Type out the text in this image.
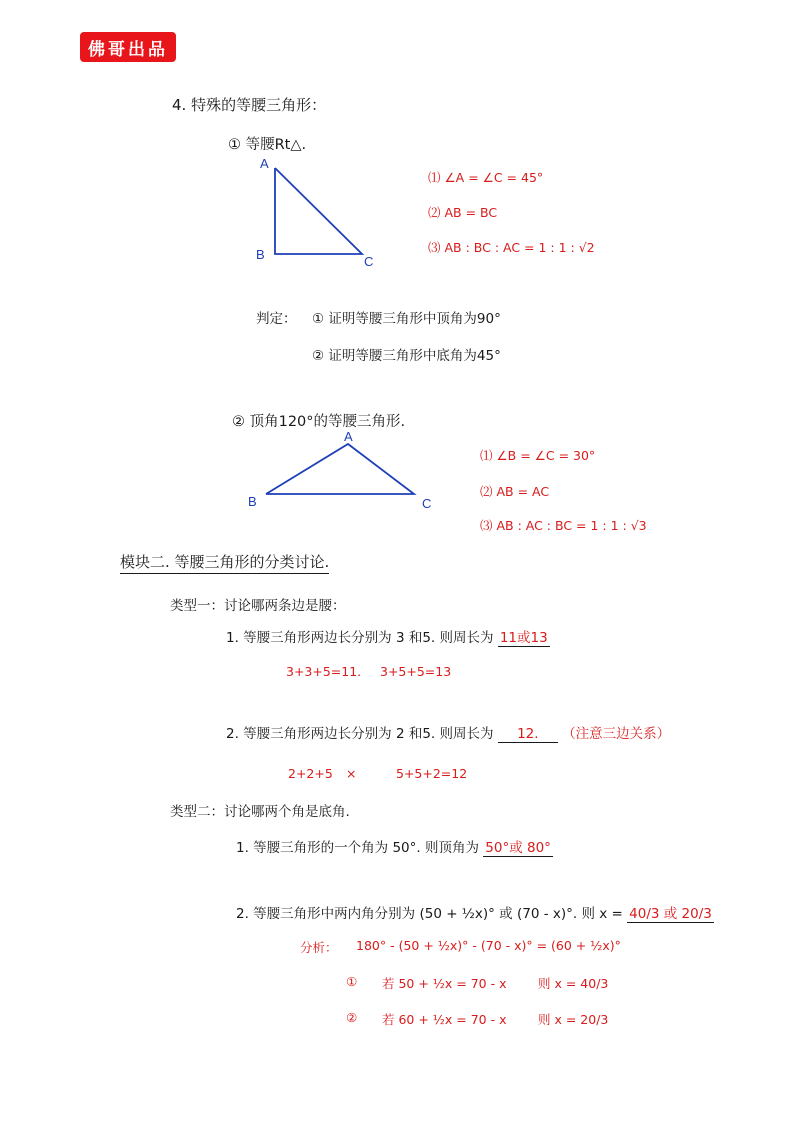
佛哥出品
4. 特殊的等腰三角形：
① 等腰Rt△.
A
B	C
⑴ ∠A = ∠C = 45°
⑵ AB = BC
⑶ AB : BC : AC = 1 : 1 : √2
判定： ① 证明等腰三角形中顶角为90°
② 证明等腰三角形中底角为45°
② 顶角120°的等腰三角形.
A
B	C
⑴ ∠B = ∠C = 30°
⑵ AB = AC
⑶ AB : AC : BC = 1 : 1 : √3
模块二. 等腰三角形的分类讨论.
类型一：讨论哪两条边是腰：
1. 等腰三角形两边长分别为 3 和5. 则周长为 11或13
3+3+5=11. 3+5+5=13
2. 等腰三角形两边长分别为 2 和5. 则周长为 12. （注意三边关系）
2+2+5 ×	5+5+2=12
类型二：讨论哪两个角是底角.
1. 等腰三角形的一个角为 50°. 则顶角为 50°或 80°
2. 等腰三角形中两内角分别为 (50 + ½x)° 或 (70 - x)°. 则 x = 40/3 或 20/3
分析： 180° - (50 + ½x)° - (70 - x)° = (60 + ½x)°
① 若 50 + ½x = 70 - x	则 x = 40/3
② 若 60 + ½x = 70 - x	则 x = 20/3
